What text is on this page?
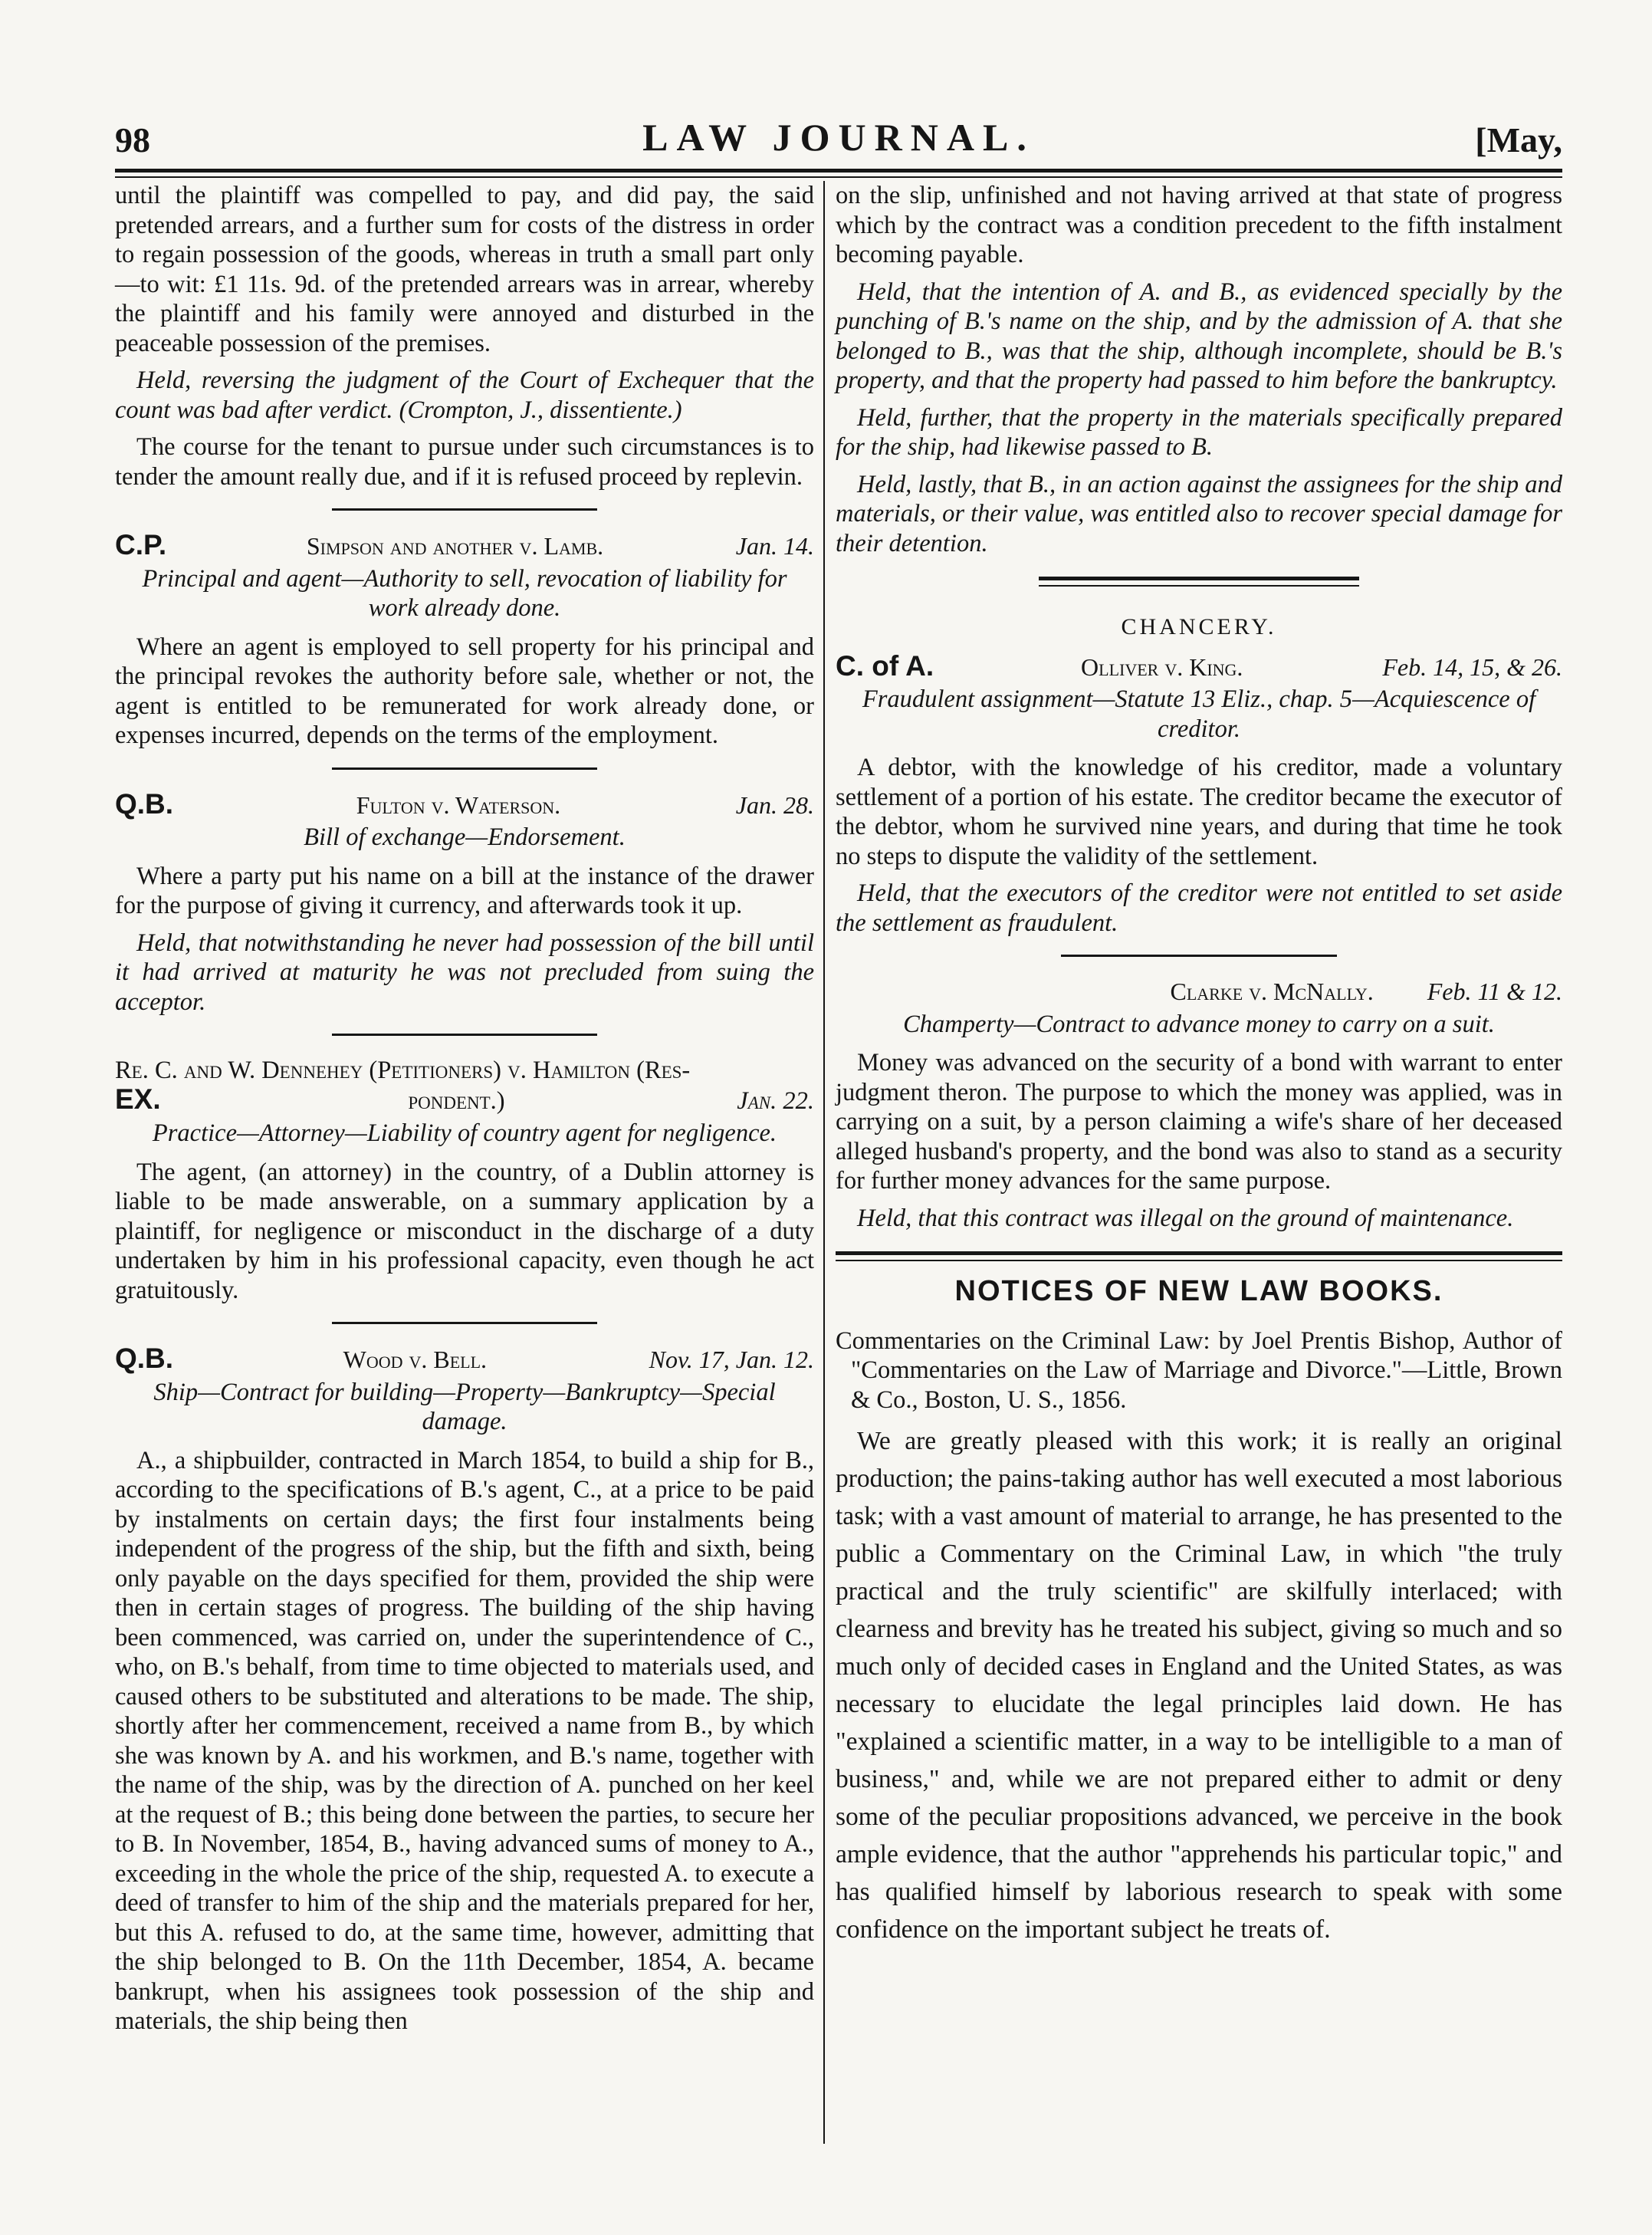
98	LAW JOURNAL.	[May,

until the plaintiff was compelled to pay, and did pay, the said pretended arrears, and a further sum for costs of the distress in order to regain possession of the goods, whereas in truth a small part only—to wit: £1 11s. 9d. of the pretended arrears was in arrear, whereby the plaintiff and his family were annoyed and disturbed in the peaceable possession of the premises.

Held, reversing the judgment of the Court of Exchequer that the count was bad after verdict. (Crompton, J., dissentiente.)

The course for the tenant to pursue under such circumstances is to tender the amount really due, and if it is refused proceed by replevin.

C.P.	Simpson and another v. Lamb.	Jan. 14.

Principal and agent—Authority to sell, revocation of liability for work already done.

Where an agent is employed to sell property for his principal and the principal revokes the authority before sale, whether or not, the agent is entitled to be remunerated for work already done, or expenses incurred, depends on the terms of the employment.

Q.B.	Fulton v. Waterson.	Jan. 28.

Bill of exchange—Endorsement.

Where a party put his name on a bill at the instance of the drawer for the purpose of giving it currency, and afterwards took it up.

Held, that notwithstanding he never had possession of the bill until it had arrived at maturity he was not precluded from suing the acceptor.

Re. C. and W. Dennehey (Petitioners) v. Hamilton (Res-
EX.	pondent.)	Jan. 22.

Practice—Attorney—Liability of country agent for negligence.

The agent, (an attorney) in the country, of a Dublin attorney is liable to be made answerable, on a summary application by a plaintiff, for negligence or misconduct in the discharge of a duty undertaken by him in his professional capacity, even though he act gratuitously.

Q.B.	Wood v. Bell.	Nov. 17, Jan. 12.

Ship—Contract for building—Property—Bankruptcy—Special damage.

A., a shipbuilder, contracted in March 1854, to build a ship for B., according to the specifications of B.'s agent, C., at a price to be paid by instalments on certain days; the first four instalments being independent of the progress of the ship, but the fifth and sixth, being only payable on the days specified for them, provided the ship were then in certain stages of progress. The building of the ship having been commenced, was carried on, under the superintendence of C., who, on B.'s behalf, from time to time objected to materials used, and caused others to be substituted and alterations to be made. The ship, shortly after her commencement, received a name from B., by which she was known by A. and his workmen, and B.'s name, together with the name of the ship, was by the direction of A. punched on her keel at the request of B.; this being done between the parties, to secure her to B. In November, 1854, B., having advanced sums of money to A., exceeding in the whole the price of the ship, requested A. to execute a deed of transfer to him of the ship and the materials prepared for her, but this A. refused to do, at the same time, however, admitting that the ship belonged to B. On the 11th December, 1854, A. became bankrupt, when his assignees took possession of the ship and materials, the ship being then

on the slip, unfinished and not having arrived at that state of progress which by the contract was a condition precedent to the fifth instalment becoming payable.

Held, that the intention of A. and B., as evidenced specially by the punching of B.'s name on the ship, and by the admission of A. that she belonged to B., was that the ship, although incomplete, should be B.'s property, and that the property had passed to him before the bankruptcy.

Held, further, that the property in the materials specifically prepared for the ship, had likewise passed to B.

Held, lastly, that B., in an action against the assignees for the ship and materials, or their value, was entitled also to recover special damage for their detention.

CHANCERY.
C. of A.	Olliver v. King.	Feb. 14, 15, & 26.

Fraudulent assignment—Statute 13 Eliz., chap. 5—Acquiescence of creditor.

A debtor, with the knowledge of his creditor, made a voluntary settlement of a portion of his estate. The creditor became the executor of the debtor, whom he survived nine years, and during that time he took no steps to dispute the validity of the settlement.

Held, that the executors of the creditor were not entitled to set aside the settlement as fraudulent.

Clarke v. McNally. Feb. 11 & 12.

Champerty—Contract to advance money to carry on a suit.

Money was advanced on the security of a bond with warrant to enter judgment theron. The purpose to which the money was applied, was in carrying on a suit, by a person claiming a wife's share of her deceased alleged husband's property, and the bond was also to stand as a security for further money advances for the same purpose.

Held, that this contract was illegal on the ground of maintenance.

NOTICES OF NEW LAW BOOKS.

Commentaries on the Criminal Law: by Joel Prentis Bishop, Author of "Commentaries on the Law of Marriage and Divorce."—Little, Brown & Co., Boston, U. S., 1856.

We are greatly pleased with this work; it is really an original production; the pains-taking author has well executed a most laborious task; with a vast amount of material to arrange, he has presented to the public a Commentary on the Criminal Law, in which "the truly practical and the truly scientific" are skilfully interlaced; with clearness and brevity has he treated his subject, giving so much and so much only of decided cases in England and the United States, as was necessary to elucidate the legal principles laid down. He has "explained a scientific matter, in a way to be intelligible to a man of business," and, while we are not prepared either to admit or deny some of the peculiar propositions advanced, we perceive in the book ample evidence, that the author "apprehends his particular topic," and has qualified himself by laborious research to speak with some confidence on the important subject he treats of.
